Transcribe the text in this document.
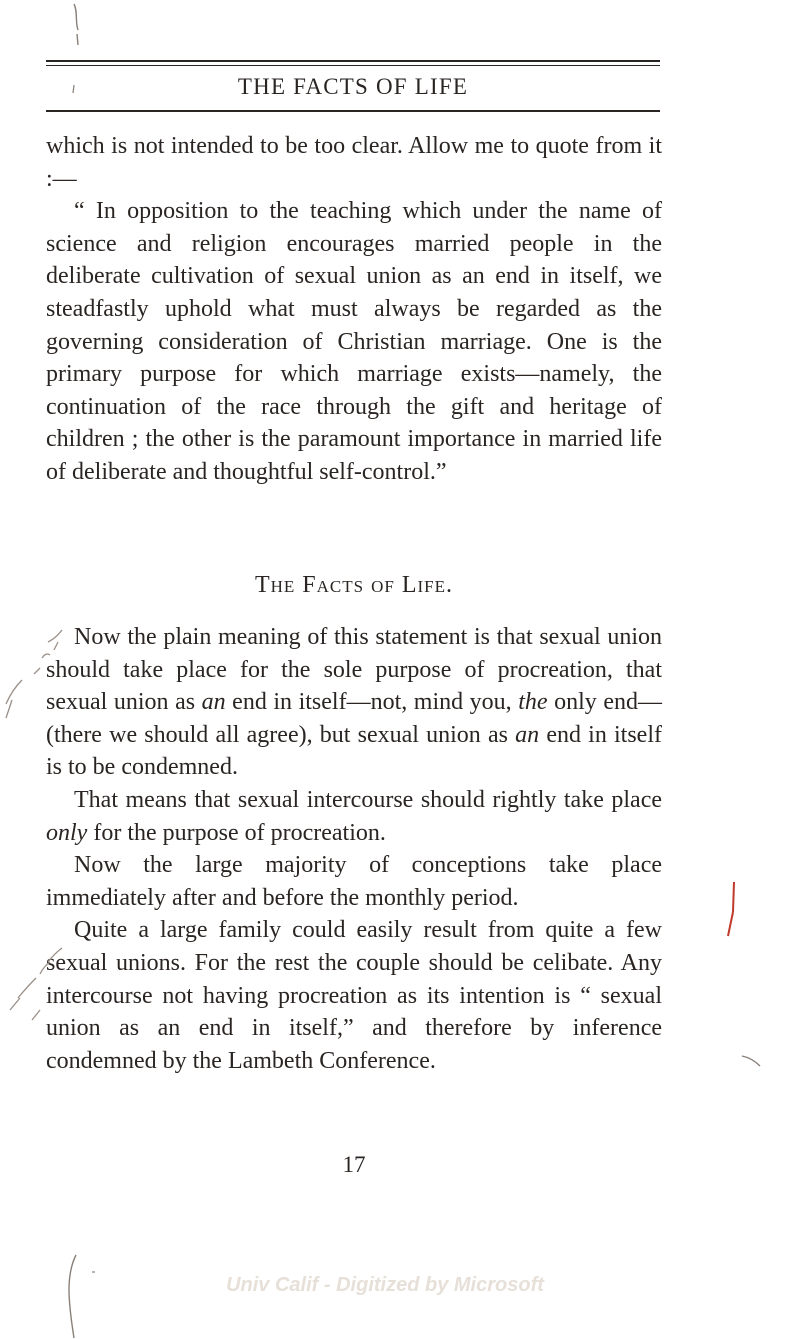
THE FACTS OF LIFE

which is not intended to be too clear. Allow me to quote from it :—

“ In opposition to the teaching which under the name of science and religion encourages married people in the deliberate cultivation of sexual union as an end in itself, we steadfastly uphold what must always be regarded as the governing consideration of Christian marriage. One is the primary purpose for which marriage exists—namely, the continuation of the race through the gift and heritage of children ; the other is the paramount importance in married life of deliberate and thoughtful self-control.”

The Facts of Life.

Now the plain meaning of this statement is that sexual union should take place for the sole purpose of procreation, that sexual union as an end in itself—not, mind you, the only end—(there we should all agree), but sexual union as an end in itself is to be condemned.

That means that sexual intercourse should rightly take place only for the purpose of procreation.

Now the large majority of conceptions take place immediately after and before the monthly period.

Quite a large family could easily result from quite a few sexual unions. For the rest the couple should be celibate. Any intercourse not having procreation as its intention is “ sexual union as an end in itself,” and therefore by inference condemned by the Lambeth Conference.

17
Univ Calif - Digitized by Microsoft
